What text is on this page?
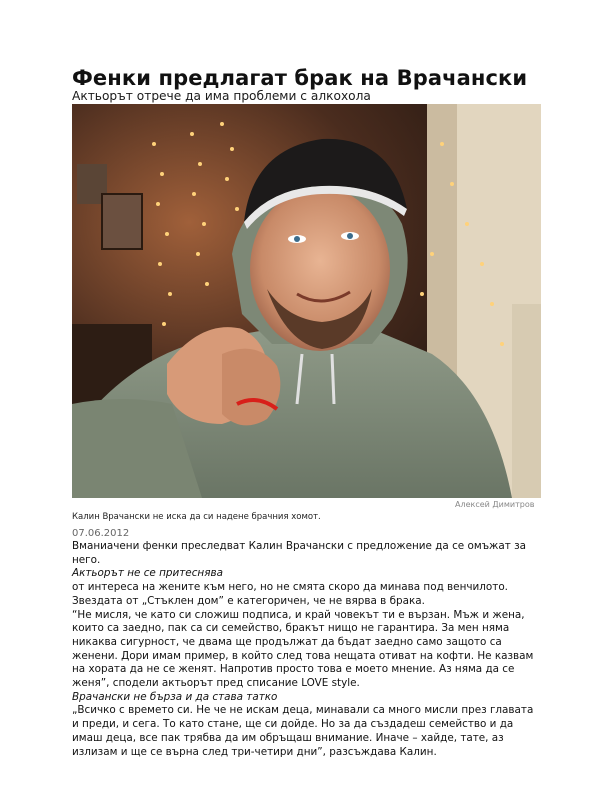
Фенки предлагат брак на Врачански
Актьорът отрече да има проблеми с алкохола
Алексей Димитров
Калин Врачански не иска да си надене брачния хомот.
07.06.2012

Вманиачени фенки преследват Калин Врачански с предложение да се омъжат за него.

Актьорът не се притеснява

от интереса на жените към него, но не смята скоро да минава под венчилото. Звездата от „Стъклен дом” е категоричен, че не вярва в брака.

“Не мисля, че като си сложиш подписа, и край човекът ти е вързан. Мъж и жена, които са заедно, пак са си семейство, бракът нищо не гарантира. За мен няма никаква сигурност, че двама ще продължат да бъдат заедно само защото са женени. Дори имам пример, в който след това нещата отиват на кофти. Не казвам на хората да не се женят. Напротив просто това е моето мнение. Аз няма да се женя”, сподели актьорът пред списание LOVE style.

Врачански не бърза и да става татко

„Всичко с времето си. Не че не искам деца, минавали са много мисли през главата и преди, и сега. То като стане, ще си дойде. Но за да създадеш семейство и да имаш деца, все пак трябва да им обръщаш внимание. Иначе – хайде, тате, аз излизам и ще се върна след три-четири дни”, разсъждава Калин.
